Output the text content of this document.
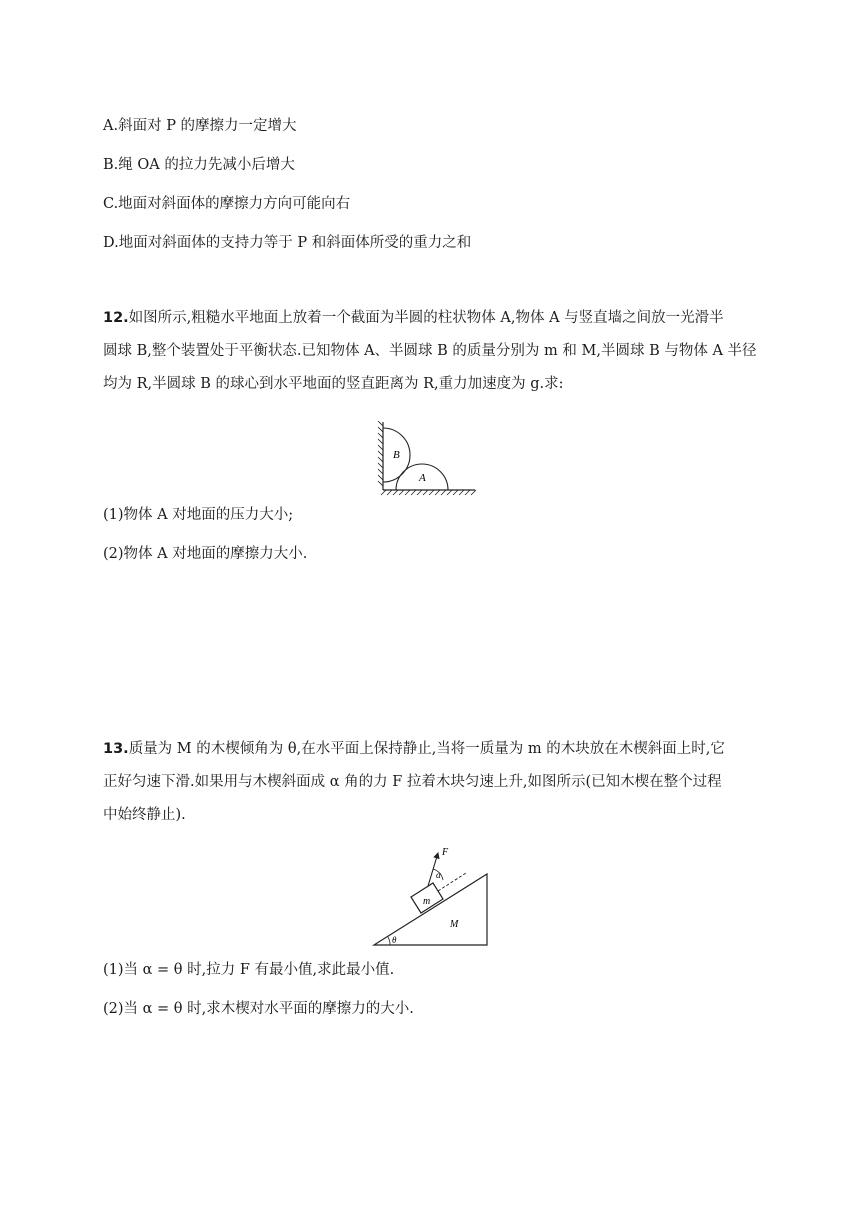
A.斜面对 P 的摩擦力一定增大
B.绳 OA 的拉力先减小后增大
C.地面对斜面体的摩擦力方向可能向右
D.地面对斜面体的支持力等于 P 和斜面体所受的重力之和

12.如图所示,粗糙水平地面上放着一个截面为半圆的柱状物体 A,物体 A 与竖直墙之间放一光滑半

圆球 B,整个装置处于平衡状态.已知物体 A、半圆球 B 的质量分别为 m 和 M,半圆球 B 与物体 A 半径

均为 R,半圆球 B 的球心到水平地面的竖直距离为 R,重力加速度为 g.求:

B
A
(1)物体 A 对地面的压力大小;
(2)物体 A 对地面的摩擦力大小.

13.质量为 M 的木楔倾角为 θ,在水平面上保持静止,当将一质量为 m 的木块放在木楔斜面上时,它

正好匀速下滑.如果用与木楔斜面成 α 角的力 F 拉着木块匀速上升,如图所示(已知木楔在整个过程

中始终静止).

F
α
m
M
θ
(1)当 α = θ 时,拉力 F 有最小值,求此最小值.
(2)当 α = θ 时,求木楔对水平面的摩擦力的大小.
